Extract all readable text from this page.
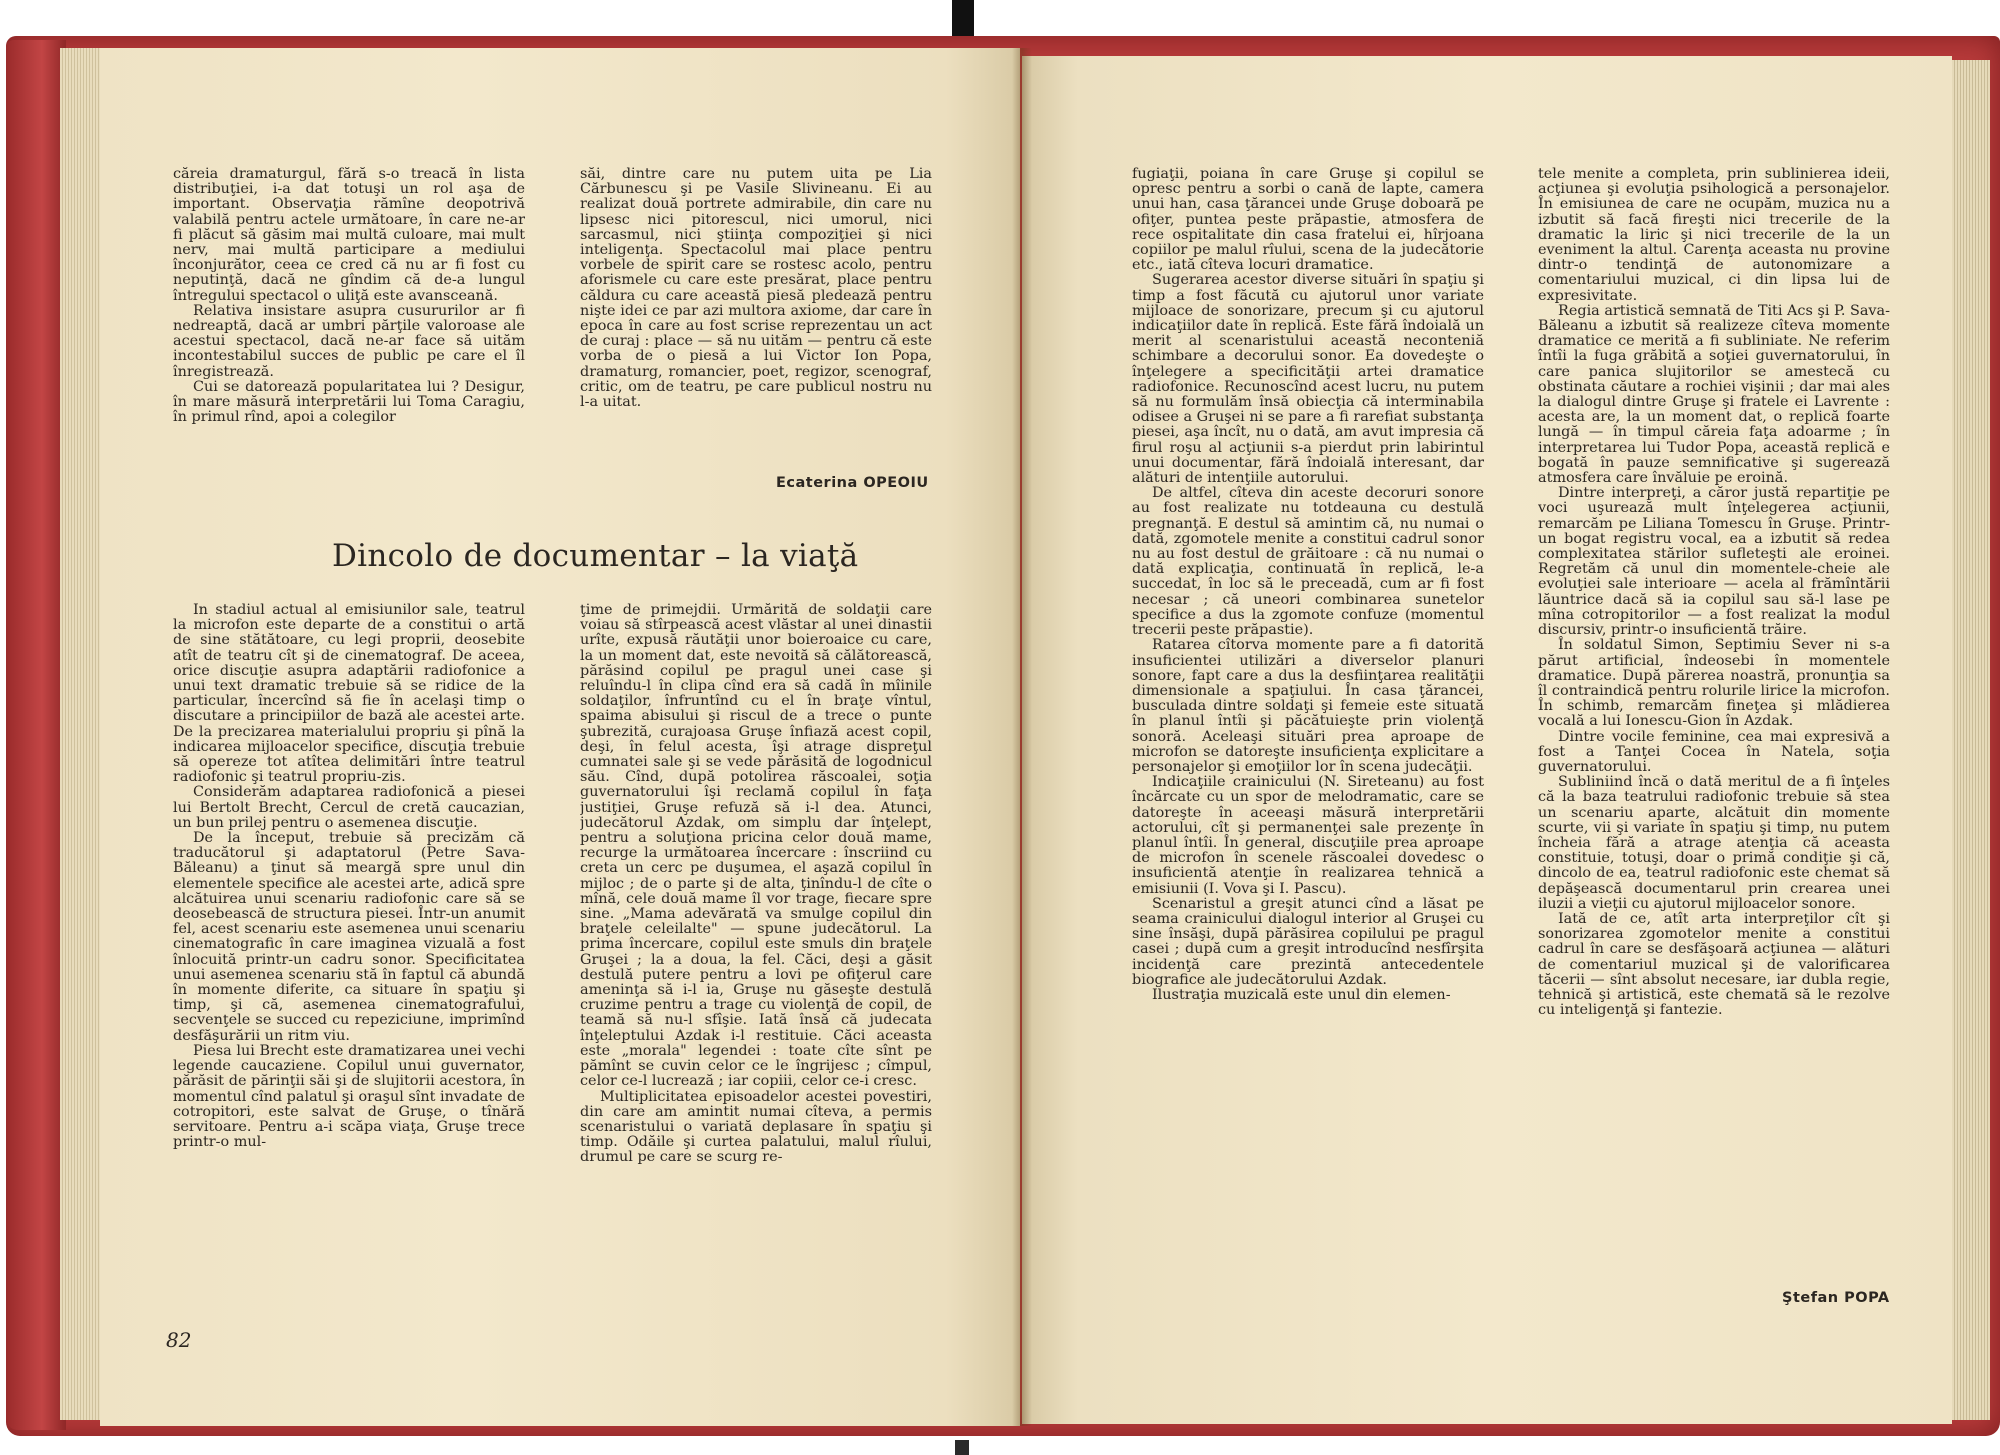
căreia dramaturgul, fără s-o treacă în lista distribuţiei, i-a dat totuşi un rol aşa de important. Observaţia rămîne deopotrivă valabilă pentru actele următoare, în care ne-ar fi plăcut să găsim mai multă culoare, mai mult nerv, mai multă participare a mediului înconjurător, ceea ce cred că nu ar fi fost cu neputinţă, dacă ne gîndim că de-a lungul întregului spectacol o uliţă este avansceană.

Relativa insistare asupra cusururilor ar fi nedreaptă, dacă ar umbri părţile valoroase ale acestui spectacol, dacă ne-ar face să uităm incontestabilul succes de public pe care el îl înregistrează.

Cui se datorează popularitatea lui ? Desigur, în mare măsură interpretării lui Toma Caragiu, în primul rînd, apoi a colegilor

săi, dintre care nu putem uita pe Lia Cărbunescu şi pe Vasile Slivineanu. Ei au realizat două portrete admirabile, din care nu lipsesc nici pitorescul, nici umorul, nici sarcasmul, nici ştiinţa compoziţiei şi nici inteligenţa. Spectacolul mai place pentru vorbele de spirit care se rostesc acolo, pentru aforismele cu care este presărat, place pentru căldura cu care această piesă pledează pentru nişte idei ce par azi multora axiome, dar care în epoca în care au fost scrise reprezentau un act de curaj : place — să nu uităm — pentru că este vorba de o piesă a lui Victor Ion Popa, dramaturg, romancier, poet, regizor, scenograf, critic, om de teatru, pe care publicul nostru nu l-a uitat.

Ecaterina OPEOIU
Dincolo de documentar – la viaţă

În stadiul actual al emisiunilor sale, teatrul la microfon este departe de a constitui o artă de sine stătătoare, cu legi proprii, deosebite atît de teatru cît şi de cinematograf. De aceea, orice discuţie asupra adaptării radiofonice a unui text dramatic trebuie să se ridice de la particular, încercînd să fie în acelaşi timp o discutare a principiilor de bază ale acestei arte. De la precizarea materialului propriu şi pînă la indicarea mijloacelor specifice, discuţia trebuie să opereze tot atîtea delimitări între teatrul radiofonic şi teatrul propriu-zis.

Considerăm adaptarea radiofonică a piesei lui Bertolt Brecht, Cercul de cretă caucazian, un bun prilej pentru o asemenea discuţie.

De la început, trebuie să precizăm că traducătorul şi adaptatorul (Petre Sava-Băleanu) a ţinut să meargă spre unul din elementele specifice ale acestei arte, adică spre alcătuirea unui scenariu radiofonic care să se deosebească de structura piesei. Într-un anumit fel, acest scenariu este asemenea unui scenariu cinematografic în care imaginea vizuală a fost înlocuită printr-un cadru sonor. Specificitatea unui asemenea scenariu stă în faptul că abundă în momente diferite, ca situare în spaţiu şi timp, şi că, asemenea cinematografului, secvenţele se succed cu repeziciune, imprimînd desfăşurării un ritm viu.

Piesa lui Brecht este dramatizarea unei vechi legende caucaziene. Copilul unui guvernator, părăsit de părinţii săi şi de slujitorii acestora, în momentul cînd palatul şi oraşul sînt invadate de cotropitori, este salvat de Gruşe, o tînără servitoare. Pentru a-i scăpa viaţa, Gruşe trece printr-o mul-

ţime de primejdii. Urmărită de soldaţii care voiau să stîrpească acest vlăstar al unei dinastii urîte, expusă răutăţii unor boieroaice cu care, la un moment dat, este nevoită să călătorească, părăsind copilul pe pragul unei case şi reluîndu-l în clipa cînd era să cadă în mîinile soldaţilor, înfruntînd cu el în braţe vîntul, spaima abisului şi riscul de a trece o punte şubrezită, curajoasa Gruşe înfiază acest copil, deşi, în felul acesta, îşi atrage dispreţul cumnatei sale şi se vede părăsită de logodnicul său. Cînd, după potolirea răscoalei, soţia guvernatorului îşi reclamă copilul în faţa justiţiei, Gruşe refuză să i-l dea. Atunci, judecătorul Azdak, om simplu dar înţelept, pentru a soluţiona pricina celor două mame, recurge la următoarea încercare : înscriind cu creta un cerc pe duşumea, el aşază copilul în mijloc ; de o parte şi de alta, ţinîndu-l de cîte o mînă, cele două mame îl vor trage, fiecare spre sine. „Mama adevărată va smulge copilul din braţele celeilalte" — spune judecătorul. La prima încercare, copilul este smuls din braţele Gruşei ; la a doua, la fel. Căci, deşi a găsit destulă putere pentru a lovi pe ofiţerul care ameninţa să i-l ia, Gruşe nu găseşte destulă cruzime pentru a trage cu violenţă de copil, de teamă să nu-l sfîşie. Iată însă că judecata înţeleptului Azdak i-l restituie. Căci aceasta este „morala" legendei : toate cîte sînt pe pămînt se cuvin celor ce le îngrijesc ; cîmpul, celor ce-l lucrează ; iar copiii, celor ce-i cresc.

Multiplicitatea episoadelor acestei povestiri, din care am amintit numai cîteva, a permis scenaristului o variată deplasare în spaţiu şi timp. Odăile şi curtea palatului, malul rîului, drumul pe care se scurg re-

82

fugiaţii, poiana în care Gruşe şi copilul se opresc pentru a sorbi o cană de lapte, camera unui han, casa ţărancei unde Gruşe doboară pe ofiţer, puntea peste prăpastie, atmosfera de rece ospitalitate din casa fratelui ei, hîrjoana copiilor pe malul rîului, scena de la judecătorie etc., iată cîteva locuri dramatice.

Sugerarea acestor diverse situări în spaţiu şi timp a fost făcută cu ajutorul unor variate mijloace de sonorizare, precum şi cu ajutorul indicaţiilor date în replică. Este fără îndoială un merit al scenaristului această neconteniă schimbare a decorului sonor. Ea dovedeşte o înţelegere a specificităţii artei dramatice radiofonice. Recunoscînd acest lucru, nu putem să nu formulăm însă obiecţia că interminabila odisee a Gruşei ni se pare a fi rarefiat substanţa piesei, aşa încît, nu o dată, am avut impresia că firul roşu al acţiunii s-a pierdut prin labirintul unui documentar, fără îndoială interesant, dar alături de intenţiile autorului.

De altfel, cîteva din aceste decoruri sonore au fost realizate nu totdeauna cu destulă pregnanţă. E destul să amintim că, nu numai o dată, zgomotele menite a constitui cadrul sonor nu au fost destul de grăitoare : că nu numai o dată explicaţia, continuată în replică, le-a succedat, în loc să le preceadă, cum ar fi fost necesar ; că uneori combinarea sunetelor specifice a dus la zgomote confuze (momentul trecerii peste prăpastie).

Ratarea cîtorva momente pare a fi datorită insuficientei utilizări a diverselor planuri sonore, fapt care a dus la desfiinţarea realităţii dimensionale a spaţiului. În casa ţărancei, busculada dintre soldaţi şi femeie este situată în planul întîi şi păcătuieşte prin violenţă sonoră. Aceleaşi situări prea aproape de microfon se datoreşte insuficienţa explicitare a personajelor şi emoţiilor lor în scena judecăţii.

Indicaţiile crainicului (N. Sireteanu) au fost încărcate cu un spor de melodramatic, care se datoreşte în aceeaşi măsură interpretării actorului, cît şi permanenţei sale prezenţe în planul întîi. În general, discuţiile prea aproape de microfon în scenele răscoalei dovedesc o insuficientă atenţie în realizarea tehnică a emisiunii (I. Vova şi I. Pascu).

Scenaristul a greşit atunci cînd a lăsat pe seama crainicului dialogul interior al Gruşei cu sine însăşi, după părăsirea copilului pe pragul casei ; după cum a greşit introducînd nesfîrşita incidenţă care prezintă antecedentele biografice ale judecătorului Azdak.

Ilustraţia muzicală este unul din elemen-

tele menite a completa, prin sublinierea ideii, acţiunea şi evoluţia psihologică a personajelor. În emisiunea de care ne ocupăm, muzica nu a izbutit să facă fireşti nici trecerile de la dramatic la liric şi nici trecerile de la un eveniment la altul. Carenţa aceasta nu provine dintr-o tendinţă de autonomizare a comentariului muzical, ci din lipsa lui de expresivitate.

Regia artistică semnată de Titi Acs şi P. Sava-Băleanu a izbutit să realizeze cîteva momente dramatice ce merită a fi subliniate. Ne referim întîi la fuga grăbită a soţiei guvernatorului, în care panica slujitorilor se amestecă cu obstinata căutare a rochiei vişinii ; dar mai ales la dialogul dintre Gruşe şi fratele ei Lavrente : acesta are, la un moment dat, o replică foarte lungă — în timpul căreia faţa adoarme ; în interpretarea lui Tudor Popa, această replică e bogată în pauze semnificative şi sugerează atmosfera care învăluie pe eroină.

Dintre interpreţi, a căror justă repartiţie pe voci uşurează mult înţelegerea acţiunii, remarcăm pe Liliana Tomescu în Gruşe. Printr-un bogat registru vocal, ea a izbutit să redea complexitatea stărilor sufleteşti ale eroinei. Regretăm că unul din momentele-cheie ale evoluţiei sale interioare — acela al frămîntării lăuntrice dacă să ia copilul sau să-l lase pe mîna cotropitorilor — a fost realizat la modul discursiv, printr-o insuficientă trăire.

În soldatul Simon, Septimiu Sever ni s-a părut artificial, îndeosebi în momentele dramatice. După părerea noastră, pronunţia sa îl contraindică pentru rolurile lirice la microfon. În schimb, remarcăm fineţea şi mlădierea vocală a lui Ionescu-Gion în Azdak.

Dintre vocile feminine, cea mai expresivă a fost a Tanţei Cocea în Natela, soţia guvernatorului.

Subliniind încă o dată meritul de a fi înţeles că la baza teatrului radiofonic trebuie să stea un scenariu aparte, alcătuit din momente scurte, vii şi variate în spaţiu şi timp, nu putem încheia fără a atrage atenţia că aceasta constituie, totuşi, doar o primă condiţie şi că, dincolo de ea, teatrul radiofonic este chemat să depăşească documentarul prin crearea unei iluzii a vieţii cu ajutorul mijloacelor sonore.

Iată de ce, atît arta interpreţilor cît şi sonorizarea zgomotelor menite a constitui cadrul în care se desfăşoară acţiunea — alături de comentariul muzical şi de valorificarea tăcerii — sînt absolut necesare, iar dubla regie, tehnică şi artistică, este chemată să le rezolve cu inteligenţă şi fantezie.

Ştefan POPA
